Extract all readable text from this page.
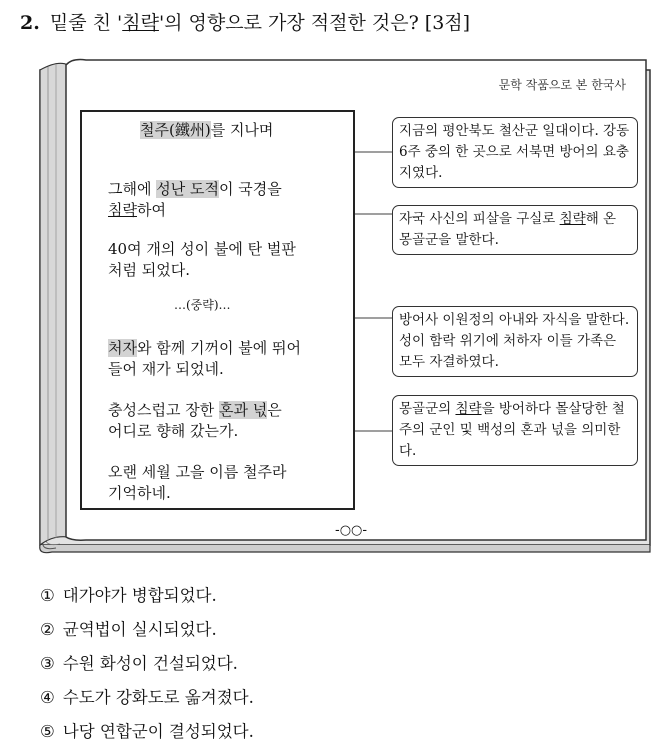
2. 밑줄 친 '침략'의 영향으로 가장 적절한 것은? [3점]
문학 작품으로 본 한국사
철주(鐵州)를 지나며
그해에 성난 도적이 국경을
침략하여
40여 개의 성이 불에 탄 벌판
처럼 되었다.
…(중략)…
처자와 함께 기꺼이 불에 뛰어
들어 재가 되었네.
충성스럽고 장한 혼과 넋은
어디로 향해 갔는가.
오랜 세월 고을 이름 철주라
기억하네.
지금의 평안북도 철산군 일대이다. 강동 6주 중의 한 곳으로 서북면 방어의 요충지였다.
자국 사신의 피살을 구실로 침략해 온 몽골군을 말한다.
방어사 이원정의 아내와 자식을 말한다. 성이 함락 위기에 처하자 이들 가족은 모두 자결하였다.
몽골군의 침략을 방어하다 몰살당한 철주의 군인 및 백성의 혼과 넋을 의미한다.
-○○-
① 대가야가 병합되었다.
② 균역법이 실시되었다.
③ 수원 화성이 건설되었다.
④ 수도가 강화도로 옮겨졌다.
⑤ 나당 연합군이 결성되었다.
